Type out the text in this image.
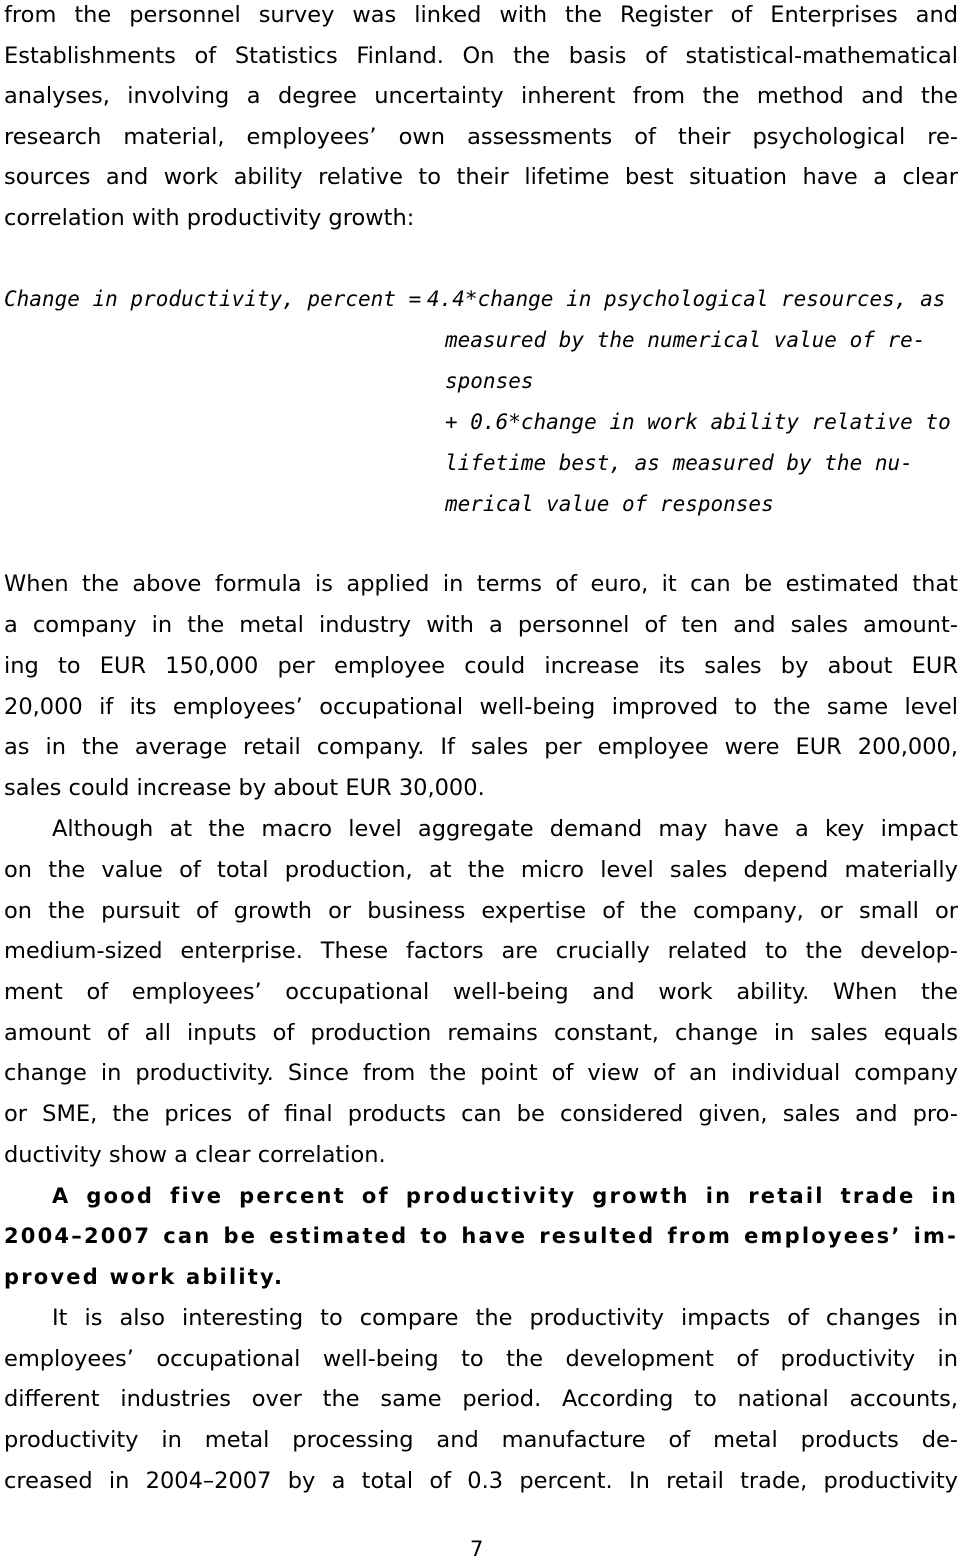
from the personnel survey was linked with the Register of Enterprises and
Establishments of Statistics Finland. On the basis of statistical-mathematical
analyses, involving a degree uncertainty inherent from the method and the
research material, employees’ own assessments of their psychological re-
sources and work ability relative to their lifetime best situation have a clear
correlation with productivity growth:
Change in productivity, percent = 4.4*change in psychological resources, as
measured by the numerical value of re-
sponses
+ 0.6*change in work ability relative to
lifetime best, as measured by the nu-
merical value of responses
When the above formula is applied in terms of euro, it can be estimated that
a company in the metal industry with a personnel of ten and sales amount-
ing to EUR 150,000 per employee could increase its sales by about EUR
20,000 if its employees’ occupational well-being improved to the same level
as in the average retail company. If sales per employee were EUR 200,000,
sales could increase by about EUR 30,000.
Although at the macro level aggregate demand may have a key impact
on the value of total production, at the micro level sales depend materially
on the pursuit of growth or business expertise of the company, or small or
medium-sized enterprise. These factors are crucially related to the develop-
ment of employees’ occupational well-being and work ability. When the
amount of all inputs of production remains constant, change in sales equals
change in productivity. Since from the point of view of an individual company
or SME, the prices of final products can be considered given, sales and pro-
ductivity show a clear correlation.
A good five percent of productivity growth in retail trade in
2004–2007 can be estimated to have resulted from employees’ im-
proved work ability.
It is also interesting to compare the productivity impacts of changes in
employees’ occupational well-being to the development of productivity in
different industries over the same period. According to national accounts,
productivity in metal processing and manufacture of metal products de-
creased in 2004–2007 by a total of 0.3 percent. In retail trade, productivity
7
